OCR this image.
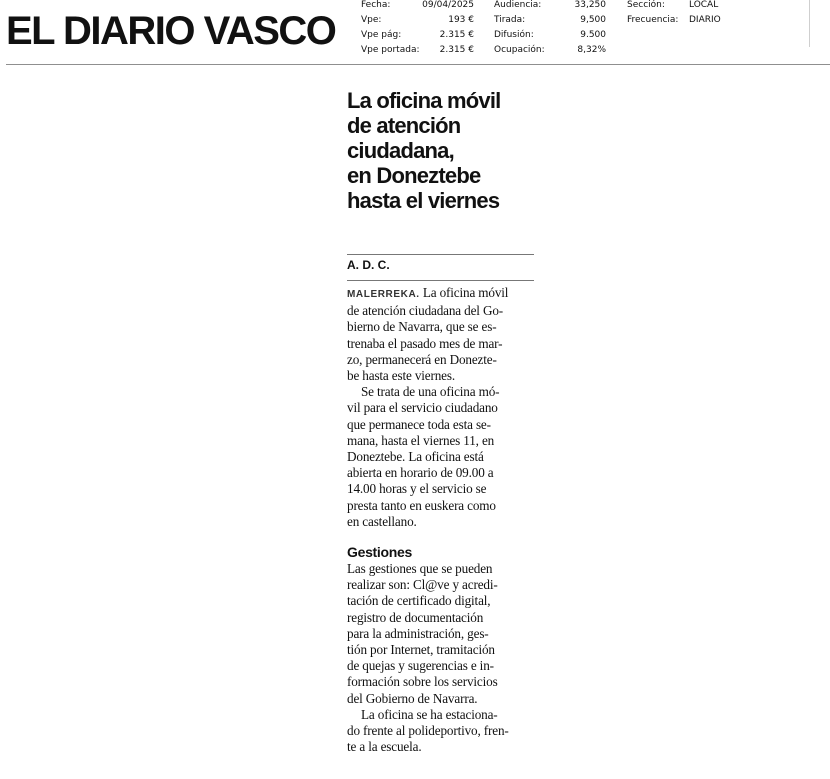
EL DIARIO VASCO
Fecha:
Vpe:
Vpe pág:
Vpe portada:
09/04/2025
193 €
2.315 €
2.315 €
Audiencia:
Tirada:
Difusión:
Ocupación:
33,250
9,500
9.500
8,32%
Sección:
Frecuencia:
LOCAL
DIARIO
La oficina móvil
de atención
ciudadana,
en Doneztebe
hasta el viernes
A. D. C.

MALERREKA. La oficina móvil
de atención ciudadana del Go-
bierno de Navarra, que se es-
trenaba el pasado mes de mar-
zo, permanecerá en Donezte-
be hasta este viernes.

Se trata de una oficina mó-
vil para el servicio ciudadano
que permanece toda esta se-
mana, hasta el viernes 11, en
Doneztebe. La oficina está
abierta en horario de 09.00 a
14.00 horas y el servicio se
presta tanto en euskera como
en castellano.

Gestiones

Las gestiones que se pueden
realizar son: Cl@ve y acredi-
tación de certificado digital,
registro de documentación
para la administración, ges-
tión por Internet, tramitación
de quejas y sugerencias e in-
formación sobre los servicios
del Gobierno de Navarra.

La oficina se ha estaciona-
do frente al polideportivo, fren-
te a la escuela.
